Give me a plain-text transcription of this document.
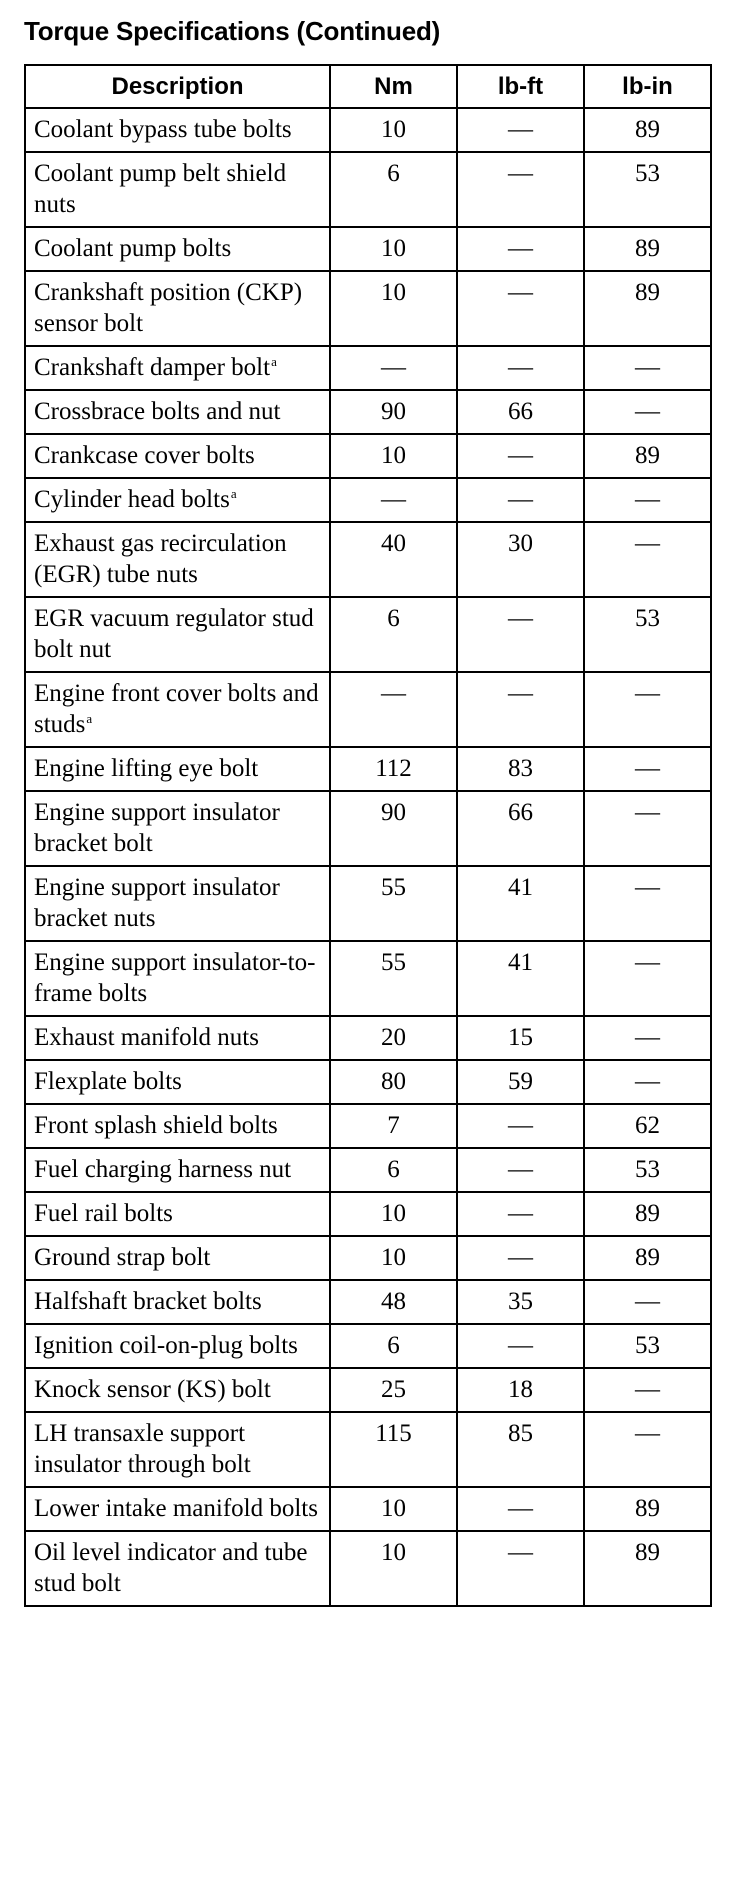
Torque Specifications (Continued)
Description	Nm	lb-ft	lb-in
Coolant bypass tube bolts	10	—	89
Coolant pump belt shield nuts	6	—	53
Coolant pump bolts	10	—	89
Crankshaft position (CKP) sensor bolt	10	—	89
Crankshaft damper bolt$^a$	—	—	—
Crossbrace bolts and nut	90	66	—
Crankcase cover bolts	10	—	89
Cylinder head bolts$^a$	—	—	—
Exhaust gas recirculation (EGR) tube nuts	40	30	—
EGR vacuum regulator stud bolt nut	6	—	53
Engine front cover bolts and studs$^a$	—	—	—
Engine lifting eye bolt	112	83	—
Engine support insulator bracket bolt	90	66	—
Engine support insulator bracket nuts	55	41	—
Engine support insulator-to-frame bolts	55	41	—
Exhaust manifold nuts	20	15	—
Flexplate bolts	80	59	—
Front splash shield bolts	7	—	62
Fuel charging harness nut	6	—	53
Fuel rail bolts	10	—	89
Ground strap bolt	10	—	89
Halfshaft bracket bolts	48	35	—
Ignition coil-on-plug bolts	6	—	53
Knock sensor (KS) bolt	25	18	—
LH transaxle support insulator through bolt	115	85	—
Lower intake manifold bolts	10	—	89
Oil level indicator and tube stud bolt	10	—	89
